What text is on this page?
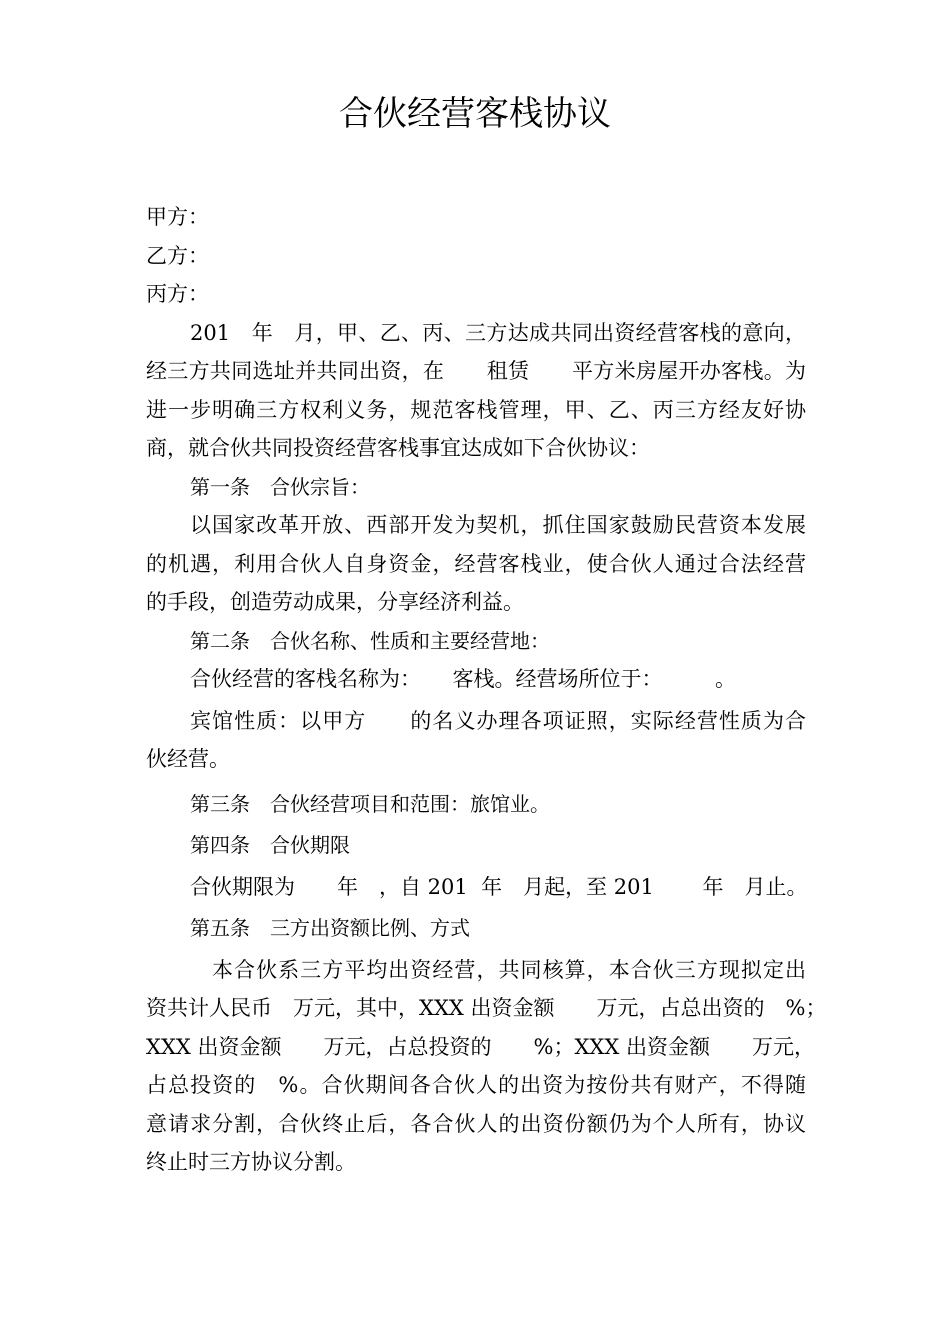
合伙经营客栈协议
甲方：
乙方：
丙方：
201　年　月，甲、乙、丙、三方达成共同出资经营客栈的意向，
经三方共同选址并共同出资，在　　租赁　　平方米房屋开办客栈。为
进一步明确三方权利义务，规范客栈管理，甲、乙、丙三方经友好协
商，就合伙共同投资经营客栈事宜达成如下合伙协议：
第一条　合伙宗旨：
以国家改革开放、西部开发为契机，抓住国家鼓励民营资本发展
的机遇，利用合伙人自身资金，经营客栈业，使合伙人通过合法经营
的手段，创造劳动成果，分享经济利益。
第二条　合伙名称、性质和主要经营地：
合伙经营的客栈名称为：　　客栈。经营场所位于：　　　。
宾馆性质：以甲方　　的名义办理各项证照，实际经营性质为合
伙经营。
第三条　合伙经营项目和范围：旅馆业。
第四条　合伙期限
合伙期限为　　年　，自 201  年　月起，至 201　　 年　月止。
第五条　三方出资额比例、方式
本合伙系三方平均出资经营，共同核算，本合伙三方现拟定出
资共计人民币　万元，其中，XXX 出资金额　　万元，占总出资的　%；
XXX 出资金额　　万元，占总投资的　　%；XXX 出资金额　　万元，
占总投资的　%。合伙期间各合伙人的出资为按份共有财产，不得随
意请求分割，合伙终止后，各合伙人的出资份额仍为个人所有，协议
终止时三方协议分割。
